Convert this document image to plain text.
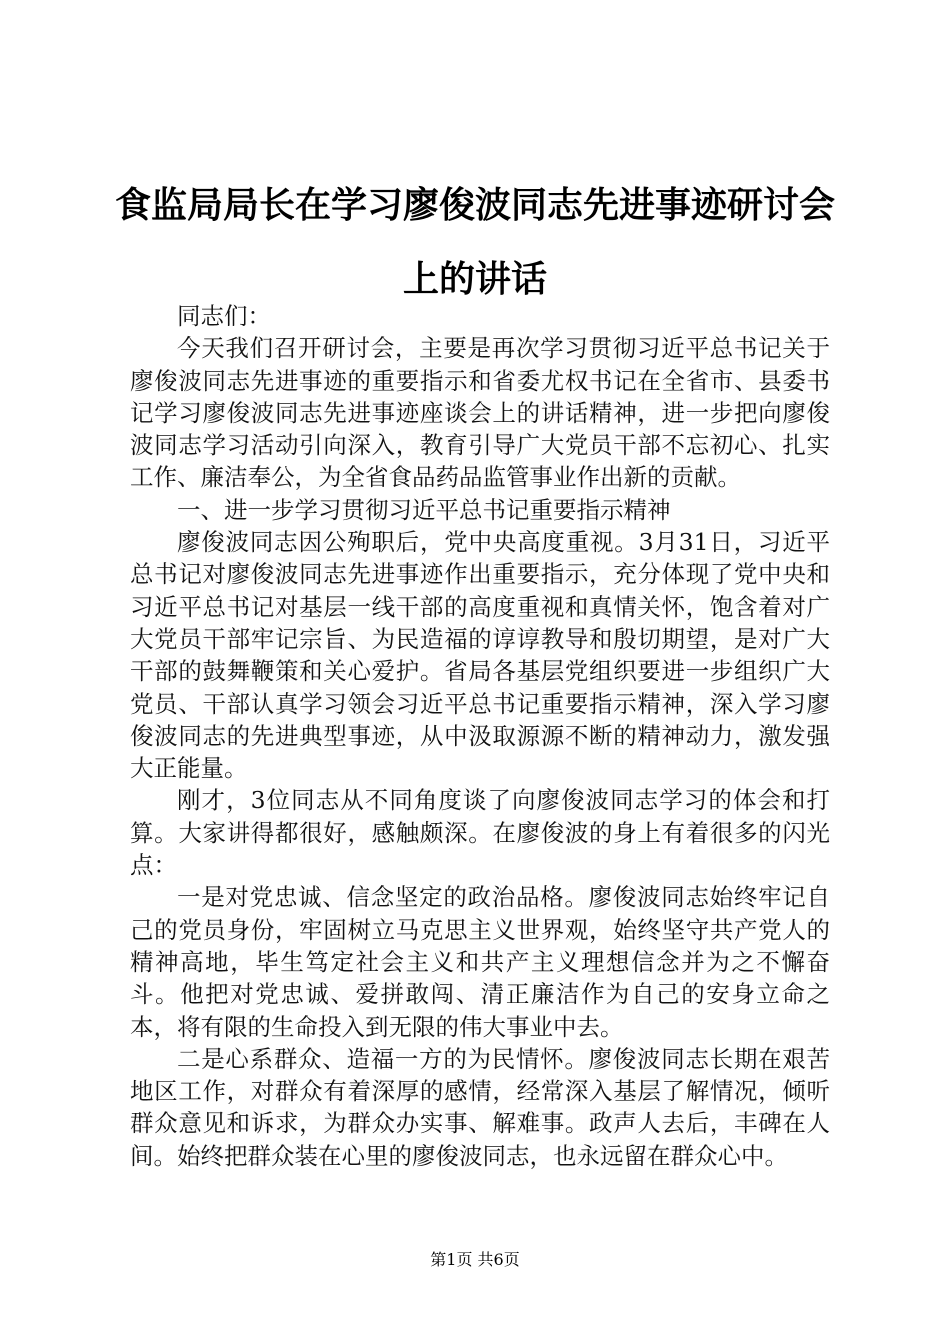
食监局局长在学习廖俊波同志先进事迹研讨会上的讲话

同志们：

今天我们召开研讨会，主要是再次学习贯彻习近平总书记关于廖俊波同志先进事迹的重要指示和省委尤权书记在全省市、县委书记学习廖俊波同志先进事迹座谈会上的讲话精神，进一步把向廖俊波同志学习活动引向深入，教育引导广大党员干部不忘初心、扎实工作、廉洁奉公，为全省食品药品监管事业作出新的贡献。

一、进一步学习贯彻习近平总书记重要指示精神

廖俊波同志因公殉职后，党中央高度重视。3月31日，习近平总书记对廖俊波同志先进事迹作出重要指示，充分体现了党中央和习近平总书记对基层一线干部的高度重视和真情关怀，饱含着对广大党员干部牢记宗旨、为民造福的谆谆教导和殷切期望，是对广大干部的鼓舞鞭策和关心爱护。省局各基层党组织要进一步组织广大党员、干部认真学习领会习近平总书记重要指示精神，深入学习廖俊波同志的先进典型事迹，从中汲取源源不断的精神动力，激发强大正能量。

刚才，3位同志从不同角度谈了向廖俊波同志学习的体会和打算。大家讲得都很好，感触颇深。在廖俊波的身上有着很多的闪光点：

一是对党忠诚、信念坚定的政治品格。廖俊波同志始终牢记自己的党员身份，牢固树立马克思主义世界观，始终坚守共产党人的精神高地，毕生笃定社会主义和共产主义理想信念并为之不懈奋斗。他把对党忠诚、爱拼敢闯、清正廉洁作为自己的安身立命之本，将有限的生命投入到无限的伟大事业中去。

二是心系群众、造福一方的为民情怀。廖俊波同志长期在艰苦地区工作，对群众有着深厚的感情，经常深入基层了解情况，倾听群众意见和诉求，为群众办实事、解难事。政声人去后，丰碑在人间。始终把群众装在心里的廖俊波同志，也永远留在群众心中。

第1页 共6页
